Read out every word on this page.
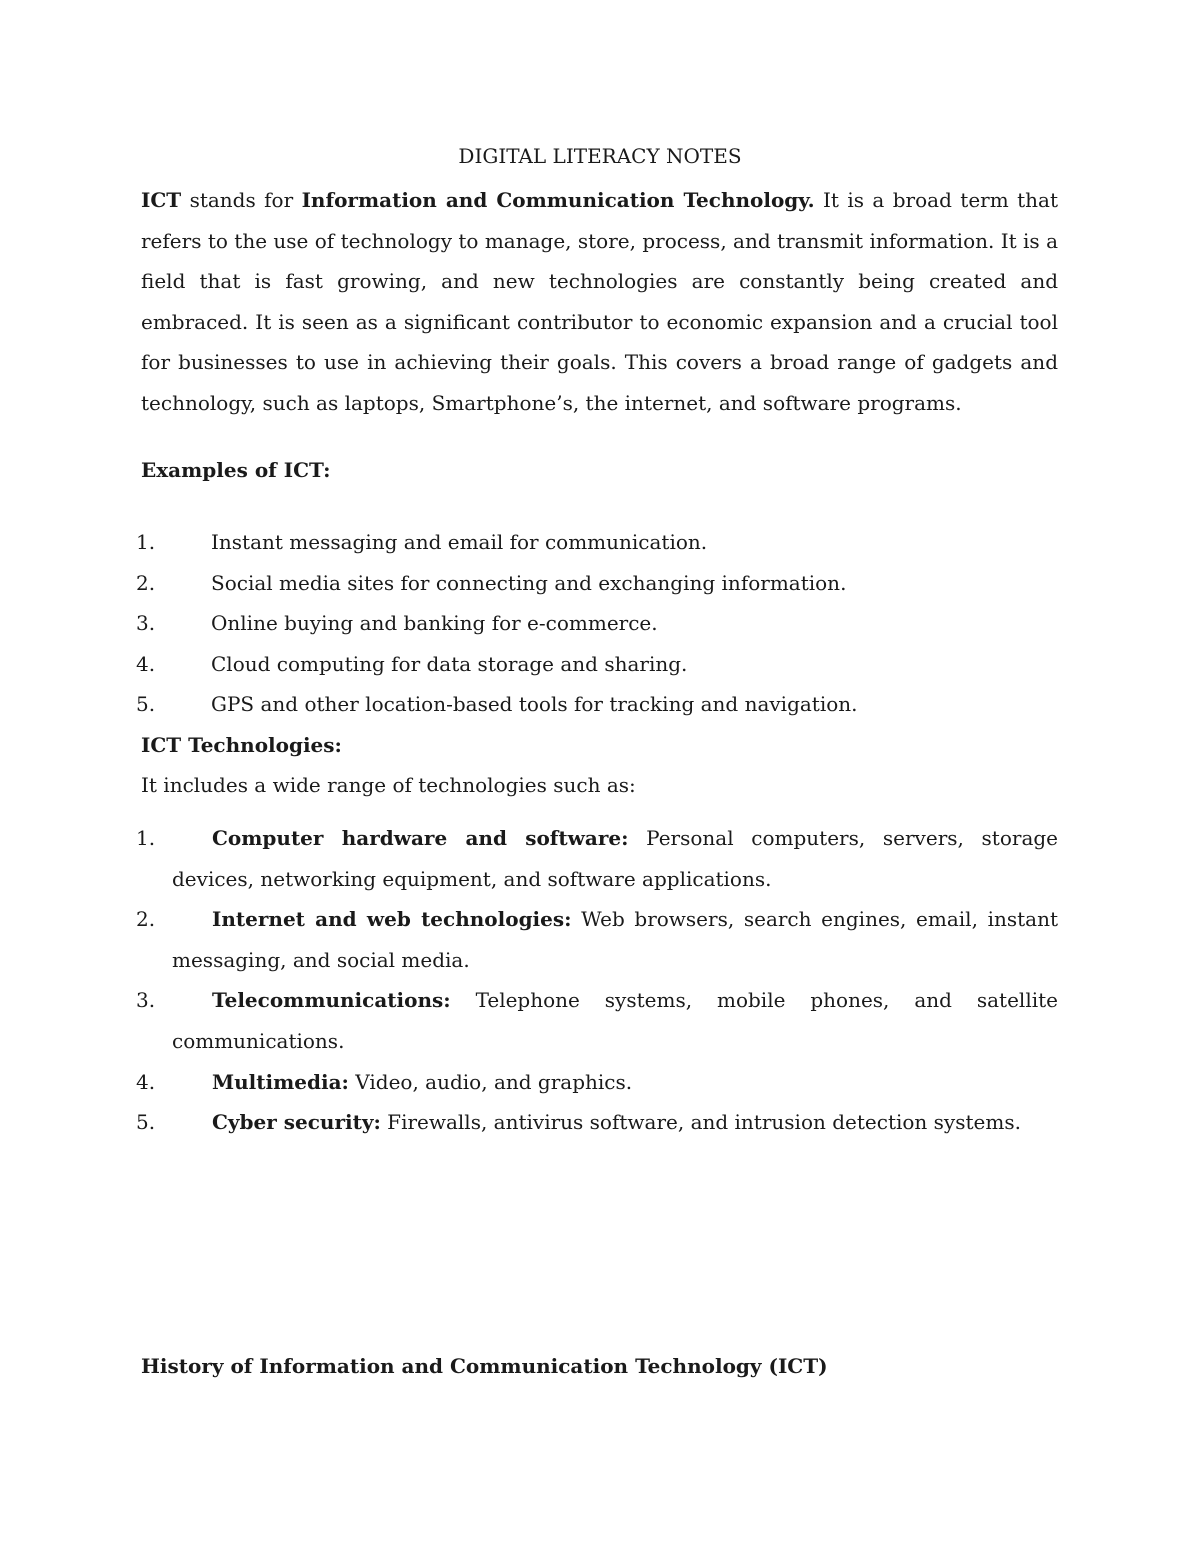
DIGITAL LITERACY NOTES

ICT stands for Information and Communication Technology. It is a broad term that refers to the use of technology to manage, store, process, and transmit information. It is a field that is fast growing, and new technologies are constantly being created and embraced. It is seen as a significant contributor to economic expansion and a crucial tool for businesses to use in achieving their goals. This covers a broad range of gadgets and technology, such as laptops, Smartphone’s, the internet, and software programs.

Examples of ICT:
1.	Instant messaging and email for communication.
2.	Social media sites for connecting and exchanging information.
3.	Online buying and banking for e-commerce.
4.	Cloud computing for data storage and sharing.
5.	GPS and other location-based tools for tracking and navigation.
ICT Technologies:
It includes a wide range of technologies such as:
1.	Computer hardware and software: Personal computers, servers, storage devices, networking equipment, and software applications.
2.	Internet and web technologies: Web browsers, search engines, email, instant messaging, and social media.
3.	Telecommunications: Telephone systems, mobile phones, and satellite communications.
4.	Multimedia: Video, audio, and graphics.
5.	Cyber security: Firewalls, antivirus software, and intrusion detection systems.
History of Information and Communication Technology (ICT)
